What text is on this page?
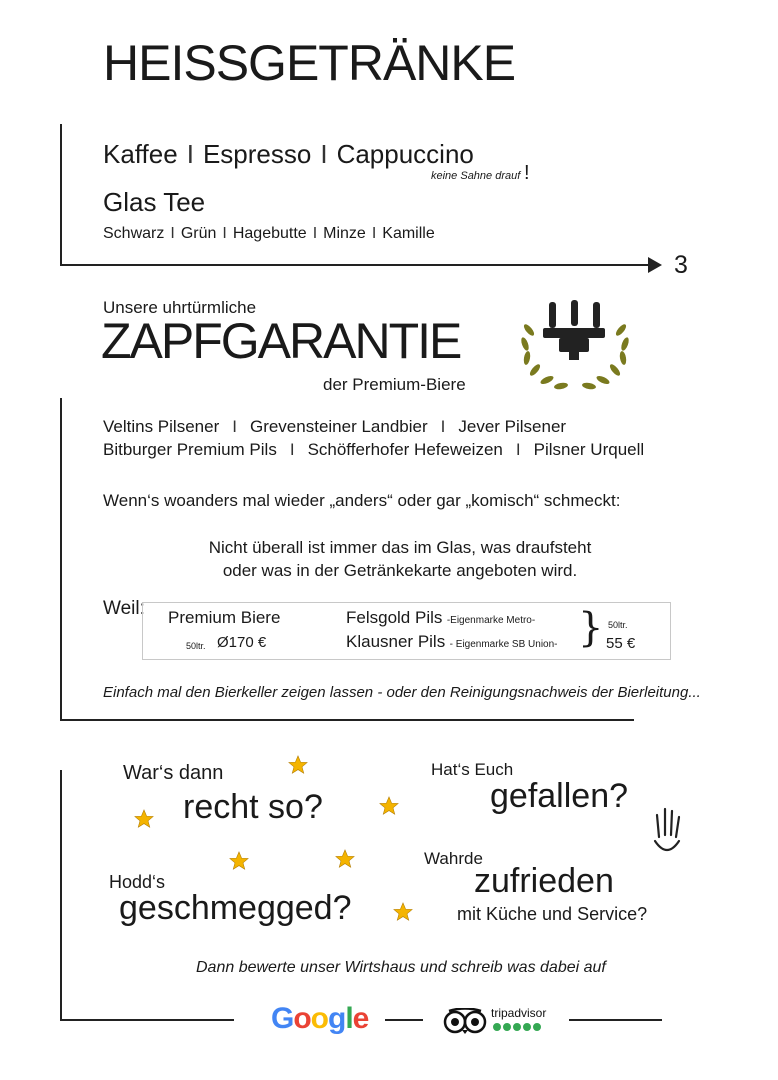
HEISSGETRÄNKE
3
Kaffee I Espresso I Cappuccino
keine Sahne drauf !
Glas Tee
Schwarz I Grün I Hagebutte I Minze I Kamille
Unsere uhrtürmliche
ZAPFGARANTIE
der Premium-Biere
Veltins Pilsener I Grevensteiner Landbier I Jever Pilsener
Bitburger Premium Pils I Schöfferhofer Hefeweizen I Pilsner Urquell
Wenn‘s woanders mal wieder „anders“ oder gar „komisch“ schmeckt:
Nicht überall ist immer das im Glas, was draufsteht
oder was in der Getränkekarte angeboten wird.
Weil: Premium Biere
50ltr. Ø170 €
Felsgold Pils -Eigenmarke Metro-
Klausner Pils - Eigenmarke SB Union- } 50ltr.
55 €
Einfach mal den Bierkeller zeigen lassen - oder den Reinigungsnachweis der Bierleitung...
War‘s dann
recht so?
Hat‘s Euch
gefallen?
Hodd‘s
geschmegged?
Wahrde
zufrieden
mit Küche und Service?
Dann bewerte unser Wirtshaus und schreib was dabei auf
Google	tripadvisor
